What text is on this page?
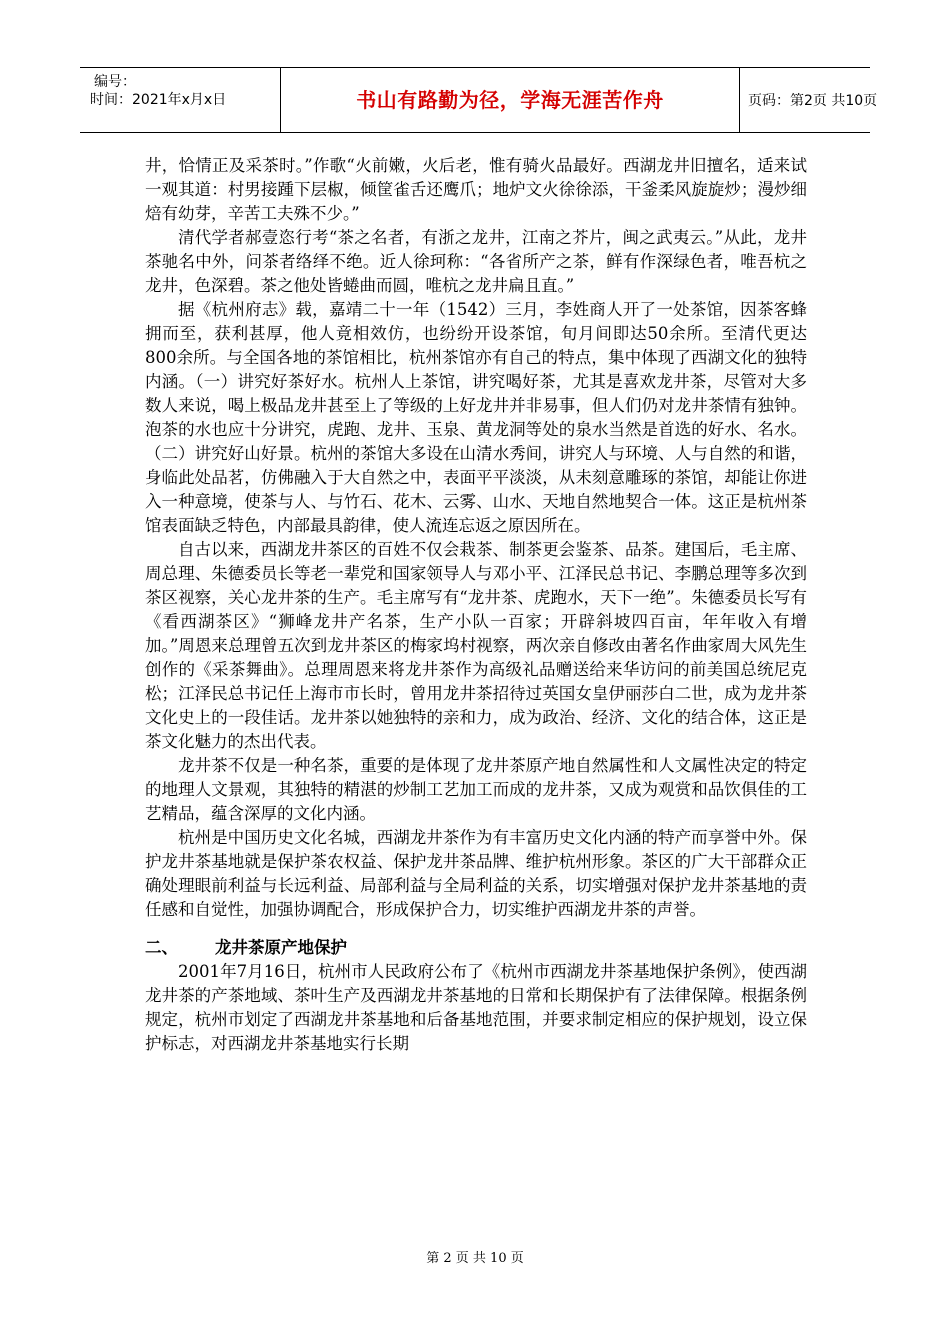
编号：
时间：2021年x月x日	书山有路勤为径，学海无涯苦作舟	页码：第2页 共10页

井，恰情正及采茶时。”作歌“火前嫩，火后老，惟有骑火品最好。西湖龙井旧擅名，适来试一观其道：村男接踵下层椒，倾筐雀舌还鹰爪；地炉文火徐徐添，干釜柔风旋旋炒；漫炒细焙有幼芽，辛苦工夫殊不少。”

清代学者郝壹恣行考“茶之名者，有浙之龙井，江南之芥片，闽之武夷云。”从此，龙井茶驰名中外，问茶者络绎不绝。近人徐珂称：“各省所产之茶，鲜有作深绿色者，唯吾杭之龙井，色深碧。茶之他处皆蜷曲而圆，唯杭之龙井扁且直。”

据《杭州府志》载，嘉靖二十一年（1542）三月，李姓商人开了一处茶馆，因茶客蜂拥而至，获利甚厚，他人竟相效仿，也纷纷开设茶馆，旬月间即达50余所。至清代更达800余所。与全国各地的茶馆相比，杭州茶馆亦有自己的特点，集中体现了西湖文化的独特内涵。（一）讲究好茶好水。杭州人上茶馆，讲究喝好茶，尤其是喜欢龙井茶，尽管对大多数人来说，喝上极品龙井甚至上了等级的上好龙井并非易事，但人们仍对龙井茶情有独钟。泡茶的水也应十分讲究，虎跑、龙井、玉泉、黄龙洞等处的泉水当然是首选的好水、名水。（二）讲究好山好景。杭州的茶馆大多设在山清水秀间，讲究人与环境、人与自然的和谐，身临此处品茗，仿佛融入于大自然之中，表面平平淡淡，从未刻意雕琢的茶馆，却能让你进入一种意境，使茶与人、与竹石、花木、云雾、山水、天地自然地契合一体。这正是杭州茶馆表面缺乏特色，内部最具韵律，使人流连忘返之原因所在。

自古以来，西湖龙井茶区的百姓不仅会栽茶、制茶更会鉴茶、品茶。建国后，毛主席、周总理、朱德委员长等老一辈党和国家领导人与邓小平、江泽民总书记、李鹏总理等多次到茶区视察，关心龙井茶的生产。毛主席写有“龙井茶、虎跑水，天下一绝”。朱德委员长写有《看西湖茶区》“狮峰龙井产名茶，生产小队一百家；开辟斜坡四百亩，年年收入有增加。”周恩来总理曾五次到龙井茶区的梅家坞村视察，两次亲自修改由著名作曲家周大风先生创作的《采茶舞曲》。总理周恩来将龙井茶作为高级礼品赠送给来华访问的前美国总统尼克松；江泽民总书记任上海市市长时，曾用龙井茶招待过英国女皇伊丽莎白二世，成为龙井茶文化史上的一段佳话。龙井茶以她独特的亲和力，成为政治、经济、文化的结合体，这正是茶文化魅力的杰出代表。

龙井茶不仅是一种名茶，重要的是体现了龙井茶原产地自然属性和人文属性决定的特定的地理人文景观，其独特的精湛的炒制工艺加工而成的龙井茶，又成为观赏和品饮俱佳的工艺精品，蕴含深厚的文化内涵。

杭州是中国历史文化名城，西湖龙井茶作为有丰富历史文化内涵的特产而享誉中外。保护龙井茶基地就是保护茶农权益、保护龙井茶品牌、维护杭州形象。茶区的广大干部群众正确处理眼前利益与长远利益、局部利益与全局利益的关系，切实增强对保护龙井茶基地的责任感和自觉性，加强协调配合，形成保护合力，切实维护西湖龙井茶的声誉。

二、	龙井茶原产地保护

2001年7月16日，杭州市人民政府公布了《杭州市西湖龙井茶基地保护条例》，使西湖龙井茶的产茶地域、茶叶生产及西湖龙井茶基地的日常和长期保护有了法律保障。根据条例规定，杭州市划定了西湖龙井茶基地和后备基地范围，并要求制定相应的保护规划，设立保护标志，对西湖龙井茶基地实行长期

第 2 页 共 10 页
